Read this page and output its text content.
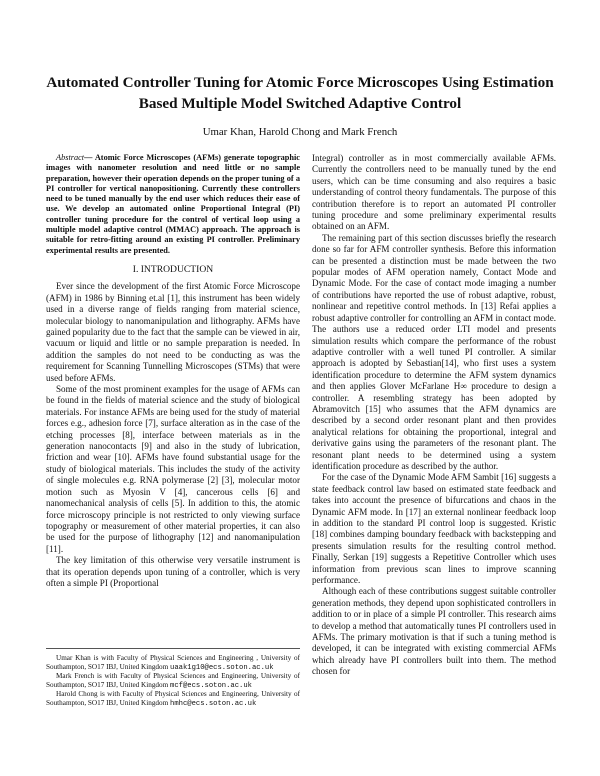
Automated Controller Tuning for Atomic Force Microscopes Using Estimation Based Multiple Model Switched Adaptive Control
Umar Khan, Harold Chong and Mark French

Abstract— Atomic Force Microscopes (AFMs) generate topographic images with nanometer resolution and need little or no sample preparation, however their operation depends on the proper tuning of a PI controller for vertical nanopositioning. Currently these controllers need to be tuned manually by the end user which reduces their ease of use. We develop an automated online Proportional Integral (PI) controller tuning procedure for the control of vertical loop using a multiple model adaptive control (MMAC) approach. The approach is suitable for retro-fitting around an existing PI controller. Preliminary experimental results are presented.

I. INTRODUCTION

Ever since the development of the first Atomic Force Microscope (AFM) in 1986 by Binning et.al [1], this instrument has been widely used in a diverse range of fields ranging from material science, molecular biology to nanomanipulation and lithography. AFMs have gained popularity due to the fact that the sample can be viewed in air, vacuum or liquid and little or no sample preparation is needed. In addition the samples do not need to be conducting as was the requirement for Scanning Tunnelling Microscopes (STMs) that were used before AFMs.

Some of the most prominent examples for the usage of AFMs can be found in the fields of material science and the study of biological materials. For instance AFMs are being used for the study of material forces e.g., adhesion force [7], surface alteration as in the case of the etching processes [8], interface between materials as in the generation nanocontacts [9] and also in the study of lubrication, friction and wear [10]. AFMs have found substantial usage for the study of biological materials. This includes the study of the activity of single molecules e.g. RNA polymerase [2] [3], molecular motor motion such as Myosin V [4], cancerous cells [6] and nanomechanical analysis of cells [5]. In addition to this, the atomic force microscopy principle is not restricted to only viewing surface topography or measurement of other material properties, it can also be used for the purpose of lithography [12] and nanomanipulation [11].

The key limitation of this otherwise very versatile instrument is that its operation depends upon tuning of a controller, which is very often a simple PI (Proportional

Umar Khan is with Faculty of Physical Sciences and Engineering , University of Southampton, SO17 IBJ, United Kingdom uaak1g10@ecs.soton.ac.uk

Mark French is with Faculty of Physical Sciences and Engineering, University of Southampton, SO17 IBJ, United Kingdom mcf@ecs.soton.ac.uk

Harold Chong is with Faculty of Physical Sciences and Engineering, University of Southampton, SO17 IBJ, United Kingdom hmhc@ecs.soton.ac.uk

Integral) controller as in most commercially available AFMs. Currently the controllers need to be manually tuned by the end users, which can be time consuming and also requires a basic understanding of control theory fundamentals. The purpose of this contribution therefore is to report an automated PI controller tuning procedure and some preliminary experimental results obtained on an AFM.

The remaining part of this section discusses briefly the research done so far for AFM controller synthesis. Before this information can be presented a distinction must be made between the two popular modes of AFM operation namely, Contact Mode and Dynamic Mode. For the case of contact mode imaging a number of contributions have reported the use of robust adaptive, robust, nonlinear and repetitive control methods. In [13] Refai applies a robust adaptive controller for controlling an AFM in contact mode. The authors use a reduced order LTI model and presents simulation results which compare the performance of the robust adaptive controller with a well tuned PI controller. A similar approach is adopted by Sebastian[14], who first uses a system identification procedure to determine the AFM system dynamics and then applies Glover McFarlane H∞ procedure to design a controller. A resembling strategy has been adopted by Abramovitch [15] who assumes that the AFM dynamics are described by a second order resonant plant and then provides analytical relations for obtaining the proportional, integral and derivative gains using the parameters of the resonant plant. The resonant plant needs to be determined using a system identification procedure as described by the author.

For the case of the Dynamic Mode AFM Sambit [16] suggests a state feedback control law based on estimated state feedback and takes into account the presence of bifurcations and chaos in the Dynamic AFM mode. In [17] an external nonlinear feedback loop in addition to the standard PI control loop is suggested. Kristic [18] combines damping boundary feedback with backstepping and presents simulation results for the resulting control method. Finally, Serkan [19] suggests a Repetitive Controller which uses information from previous scan lines to improve scanning performance.

Although each of these contributions suggest suitable controller generation methods, they depend upon sophisticated controllers in addition to or in place of a simple PI controller. This research aims to develop a method that automatically tunes PI controllers used in AFMs. The primary motivation is that if such a tuning method is developed, it can be integrated with existing commercial AFMs which already have PI controllers built into them. The method chosen for
